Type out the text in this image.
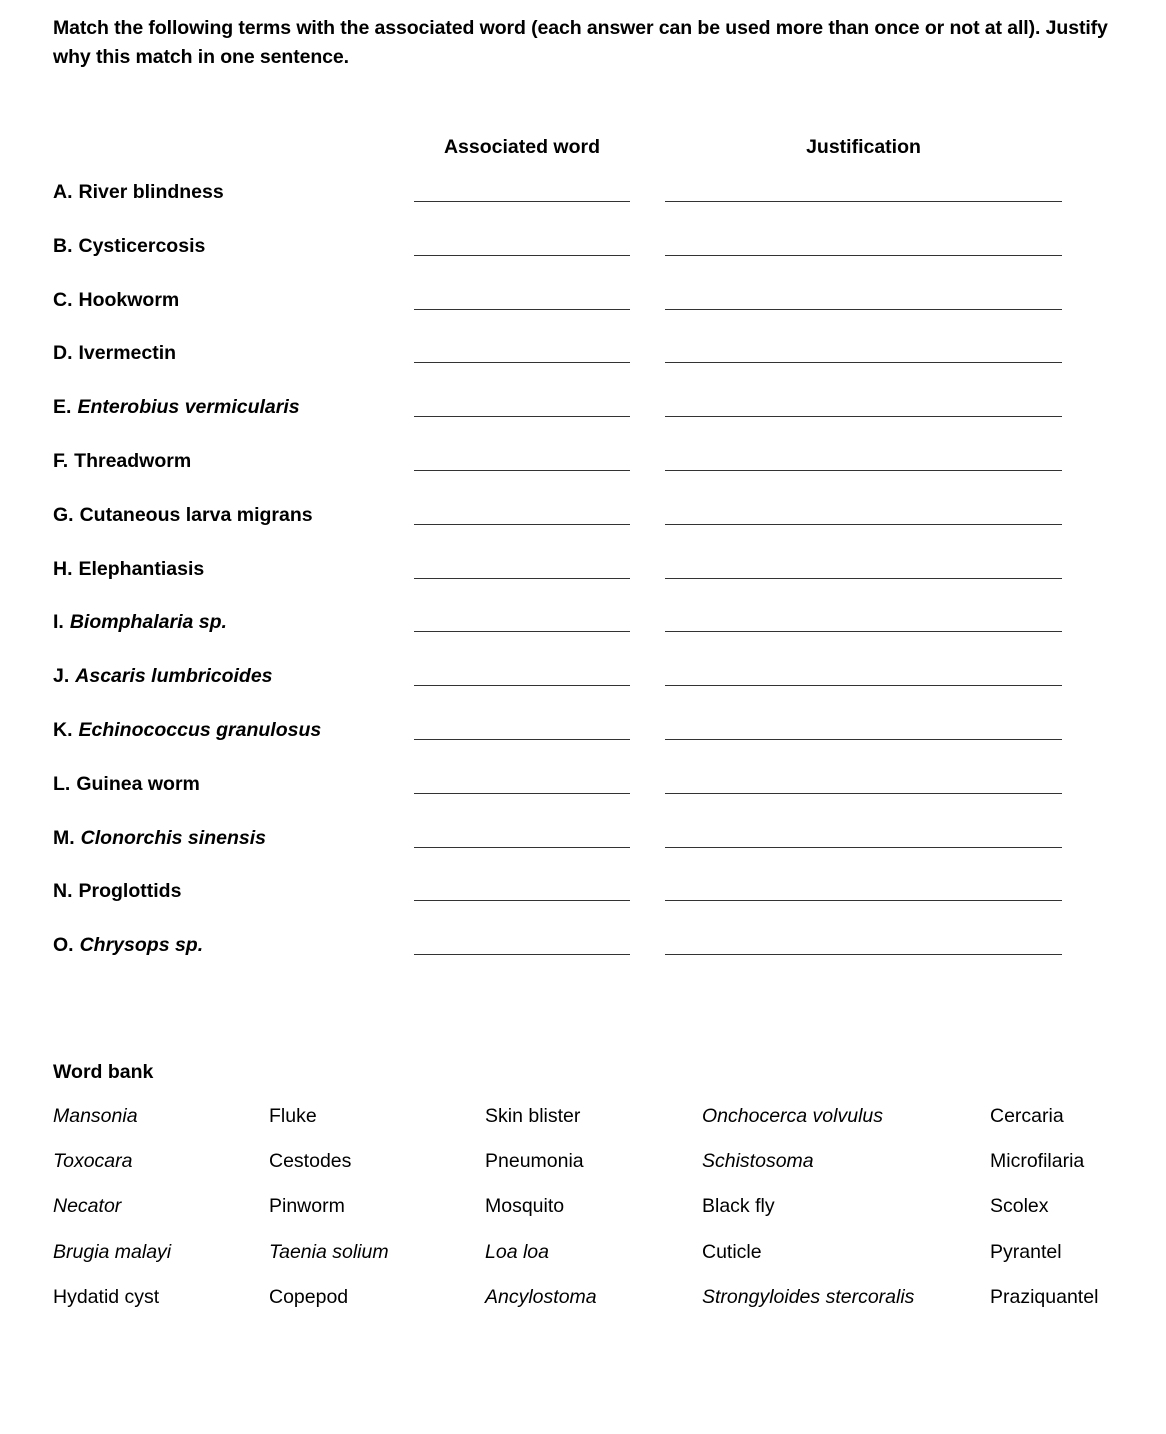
Match the following terms with the associated word (each answer can be used more than once or not at all). Justify why this match in one sentence.
Associated word	Justification
A. River blindness
B. Cysticercosis
C. Hookworm
D. Ivermectin
E. Enterobius vermicularis
F. Threadworm
G. Cutaneous larva migrans
H. Elephantiasis
I. Biomphalaria sp.
J. Ascaris lumbricoides
K. Echinococcus granulosus
L. Guinea worm
M. Clonorchis sinensis
N. Proglottids
O. Chrysops sp.
Word bank
Mansonia	Fluke	Skin blister	Onchocerca volvulus	Cercaria
Toxocara	Cestodes	Pneumonia	Schistosoma	Microfilaria
Necator	Pinworm	Mosquito	Black fly	Scolex
Brugia malayi	Taenia solium	Loa loa	Cuticle	Pyrantel
Hydatid cyst	Copepod	Ancylostoma	Strongyloides stercoralis	Praziquantel
